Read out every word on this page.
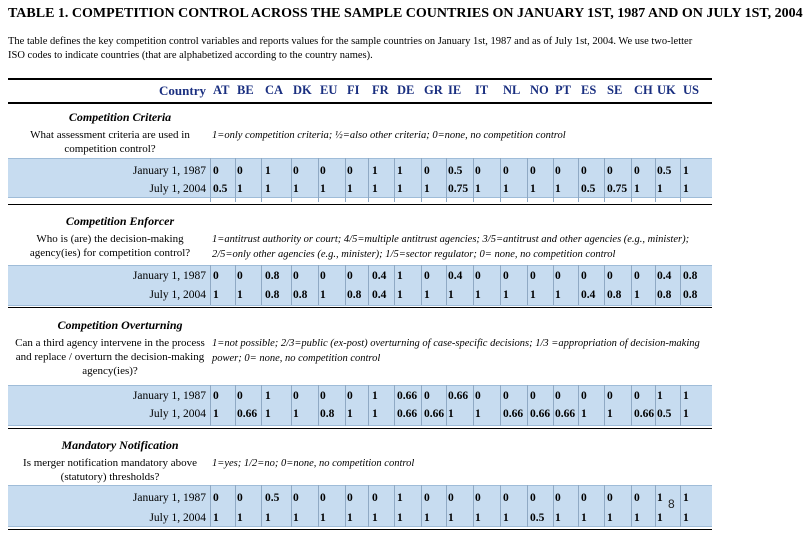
TABLE 1. COMPETITION CONTROL ACROSS THE SAMPLE COUNTRIES ON JANUARY 1ST, 1987 AND ON JULY 1ST, 2004
The table defines the key competition control variables and reports values for the sample countries on January 1st, 1987 and as of July 1st, 2004. We use two-letter ISO codes to indicate countries (that are alphabetized according to the country names).
Country AT BE CA DK EU FI FR DE GR IE IT NL NO PT ES SE CH UK US
Competition Criteria
What assessment criteria are used in competition control?
1=only competition criteria; ½=also other criteria; 0=none, no competition control
January 1, 1987 0 0 1 0 0 0 1 1 0 0.5 0 0 0 0 0 0 0 0.5 1
July 1, 2004 0.5 1 1 1 1 1 1 1 1 0.75 1 1 1 1 0.5 0.75 1 1 1
Competition Enforcer
Who is (are) the decision-making agency(ies) for competition control?
1=antitrust authority or court; 4/5=multiple antitrust agencies; 3/5=antitrust and other agencies (e.g., minister); 2/5=only other agencies (e.g., minister); 1/5=sector regulator; 0= none, no competition control
January 1, 1987 0 0 0.8 0 0 0 0.4 1 0 0.4 0 0 0 0 0 0 0 0.4 0.8
July 1, 2004 1 1 0.8 0.8 1 0.8 0.4 1 1 1 1 1 1 1 0.4 0.8 1 0.8 0.8
Competition Overturning
Can a third agency intervene in the process and replace / overturn the decision-making agency(ies)?
1=not possible; 2/3=public (ex-post) overturning of case-specific decisions; 1/3 =appropriation of decision-making power; 0= none, no competition control
January 1, 1987 0 0 1 0 0 0 1 0.66 0 0.66 0 0 0 0 0 0 0 1 1
July 1, 2004 1 0.66 1 1 0.8 1 1 0.66 0.66 1 1 0.66 0.66 0.66 1 1 0.66 0.5 1
Mandatory Notification
Is merger notification mandatory above (statutory) thresholds?
1=yes; 1/2=no; 0=none, no competition control
January 1, 1987 0 0 0.5 0 0 0 0 1 0 0 0 0 0 0 0 0 0 1 1
July 1, 2004 1 1 1 1 1 1 1 1 1 1 1 1 0.5 1 1 1 1 1 1
8
